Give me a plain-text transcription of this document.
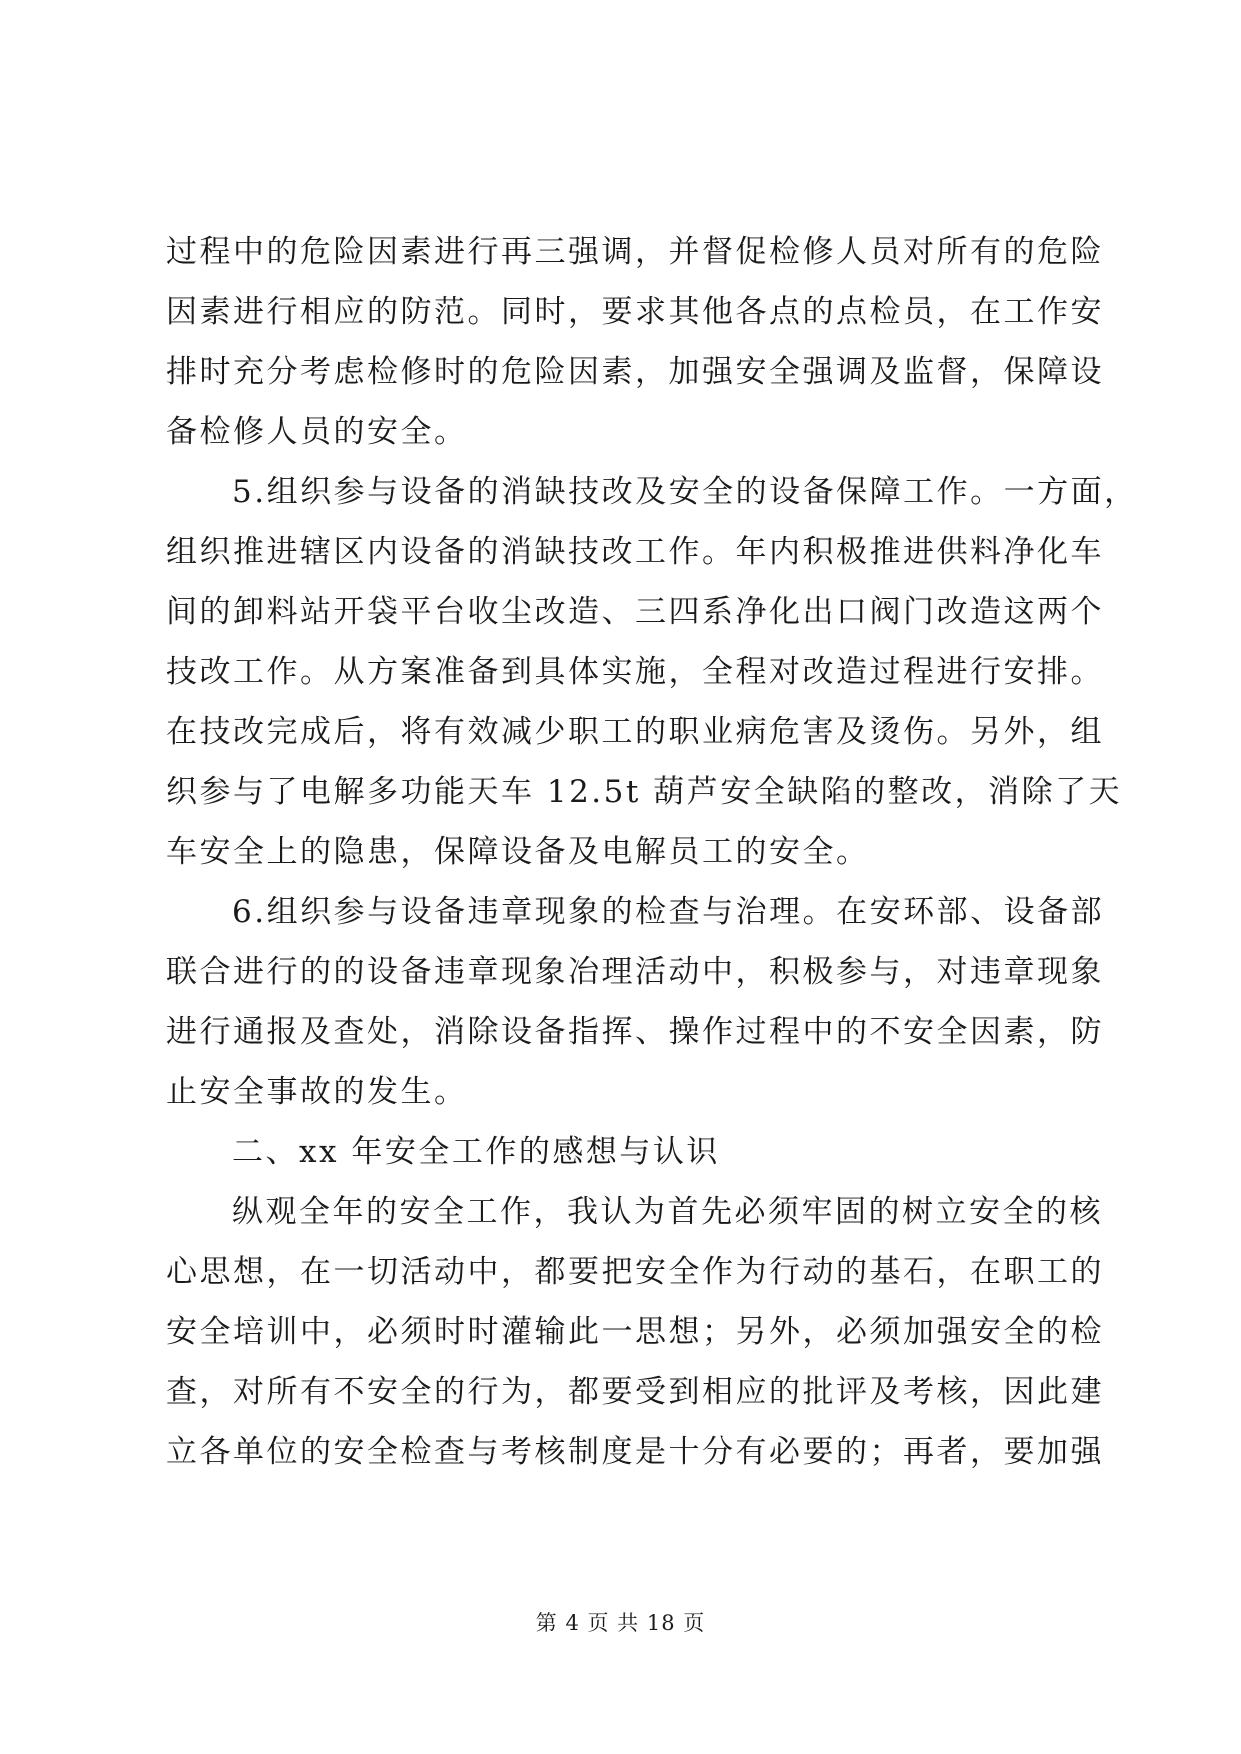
过程中的危险因素进行再三强调，并督促检修人员对所有的危险
因素进行相应的防范。同时，要求其他各点的点检员，在工作安
排时充分考虑检修时的危险因素，加强安全强调及监督，保障设
备检修人员的安全。
5.组织参与设备的消缺技改及安全的设备保障工作。一方面，
组织推进辖区内设备的消缺技改工作。年内积极推进供料净化车
间的卸料站开袋平台收尘改造、三四系净化出口阀门改造这两个
技改工作。从方案准备到具体实施，全程对改造过程进行安排。
在技改完成后，将有效减少职工的职业病危害及烫伤。另外，组
织参与了电解多功能天车 12.5t 葫芦安全缺陷的整改，消除了天
车安全上的隐患，保障设备及电解员工的安全。
6.组织参与设备违章现象的检查与治理。在安环部、设备部
联合进行的的设备违章现象冶理活动中，积极参与，对违章现象
进行通报及查处，消除设备指挥、操作过程中的不安全因素，防
止安全事故的发生。
二、xx 年安全工作的感想与认识
纵观全年的安全工作，我认为首先必须牢固的树立安全的核
心思想，在一切活动中，都要把安全作为行动的基石，在职工的
安全培训中，必须时时灌输此一思想；另外，必须加强安全的检
查，对所有不安全的行为，都要受到相应的批评及考核，因此建
立各单位的安全检查与考核制度是十分有必要的；再者，要加强
第 4 页 共 18 页
